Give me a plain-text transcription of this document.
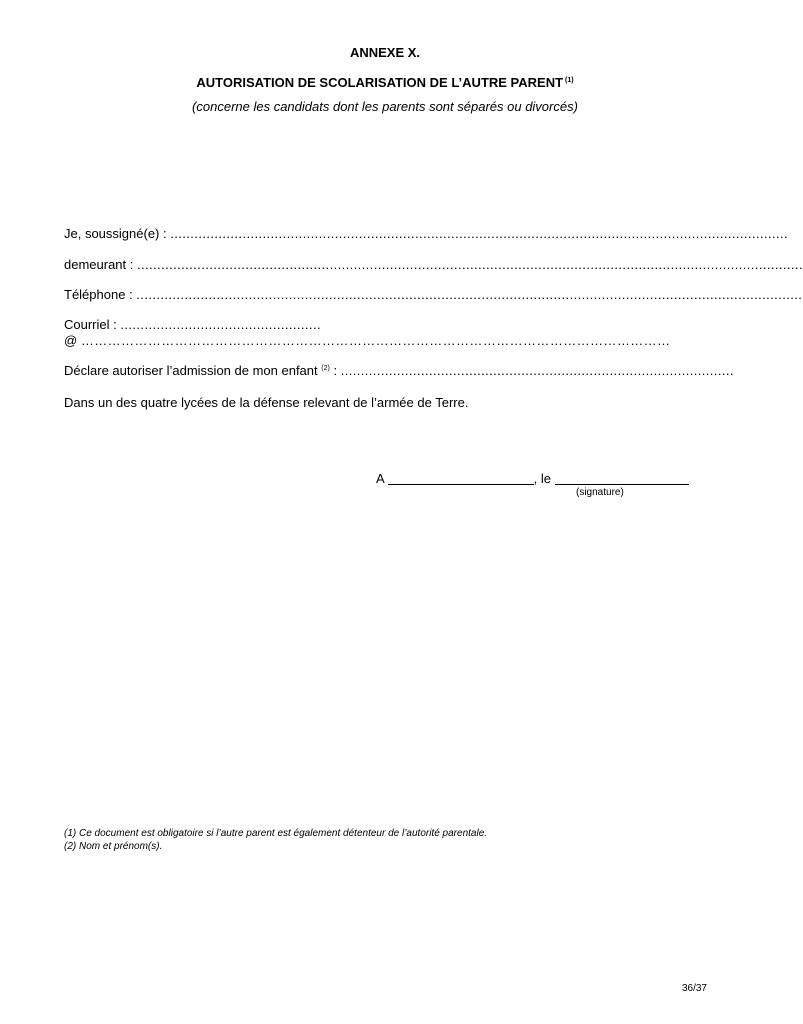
ANNEXE X.
AUTORISATION DE SCOLARISATION DE L’AUTRE PARENT $^{(1)}$
(concerne les candidats dont les parents sont séparés ou divorcés)
Je, soussigné(e) : ..........................................................................................................................................................
demeurant : ......................................................................................................................................................................
Téléphone : ......................................................................................................................................................................
Courriel : ..................................................
@ ……………………………………………………………………………………………………………………
Déclare autoriser l’admission de mon enfant $^{(2)}$ : ..................................................................................................
Dans un des quatre lycées de la défense relevant de l’armée de Terre.
A	, le
(signature)
(1) Ce document est obligatoire si l’autre parent est également détenteur de l’autorité parentale.
(2) Nom et prénom(s).
36/37
